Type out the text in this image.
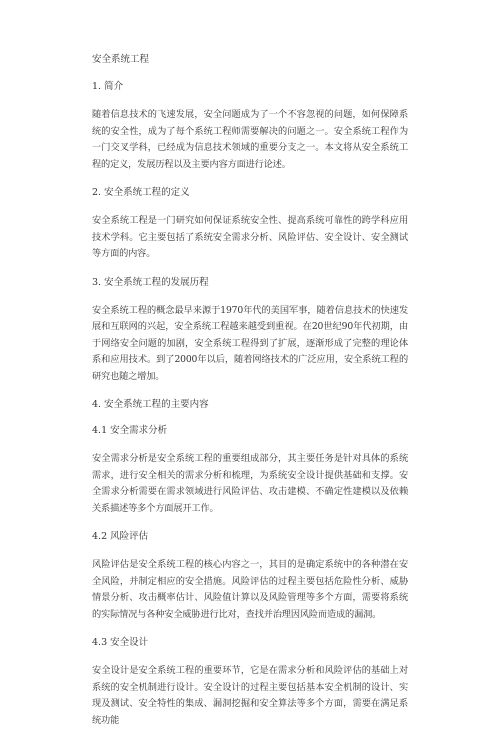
安全系统工程
1. 简介

随着信息技术的飞速发展，安全问题成为了一个不容忽视的问题，如何保障系统的安全性，成为了每个系统工程师需要解决的问题之一。安全系统工程作为一门交叉学科，已经成为信息技术领域的重要分支之一。本文将从安全系统工程的定义，发展历程以及主要内容方面进行论述。

2. 安全系统工程的定义

安全系统工程是一门研究如何保证系统安全性、提高系统可靠性的跨学科应用技术学科。它主要包括了系统安全需求分析、风险评估、安全设计、安全测试等方面的内容。

3. 安全系统工程的发展历程

安全系统工程的概念最早来源于1970年代的美国军事，随着信息技术的快速发展和互联网的兴起，安全系统工程越来越受到重视。在20世纪90年代初期，由于网络安全问题的加剧，安全系统工程得到了扩展，逐渐形成了完整的理论体系和应用技术。到了2000年以后，随着网络技术的广泛应用，安全系统工程的研究也随之增加。

4. 安全系统工程的主要内容
4.1 安全需求分析

安全需求分析是安全系统工程的重要组成部分，其主要任务是针对具体的系统需求，进行安全相关的需求分析和梳理，为系统安全设计提供基础和支撑。安全需求分析需要在需求领域进行风险评估、攻击建模、不确定性建模以及依赖关系描述等多个方面展开工作。

4.2 风险评估

风险评估是安全系统工程的核心内容之一，其目的是确定系统中的各种潜在安全风险，并制定相应的安全措施。风险评估的过程主要包括危险性分析、威胁情景分析、攻击概率估计、风险值计算以及风险管理等多个方面，需要将系统的实际情况与各种安全威胁进行比对，查找并治理因风险而造成的漏洞。

4.3 安全设计

安全设计是安全系统工程的重要环节，它是在需求分析和风险评估的基础上对系统的安全机制进行设计。安全设计的过程主要包括基本安全机制的设计、实现及测试、安全特性的集成、漏洞挖掘和安全算法等多个方面，需要在满足系统功能
